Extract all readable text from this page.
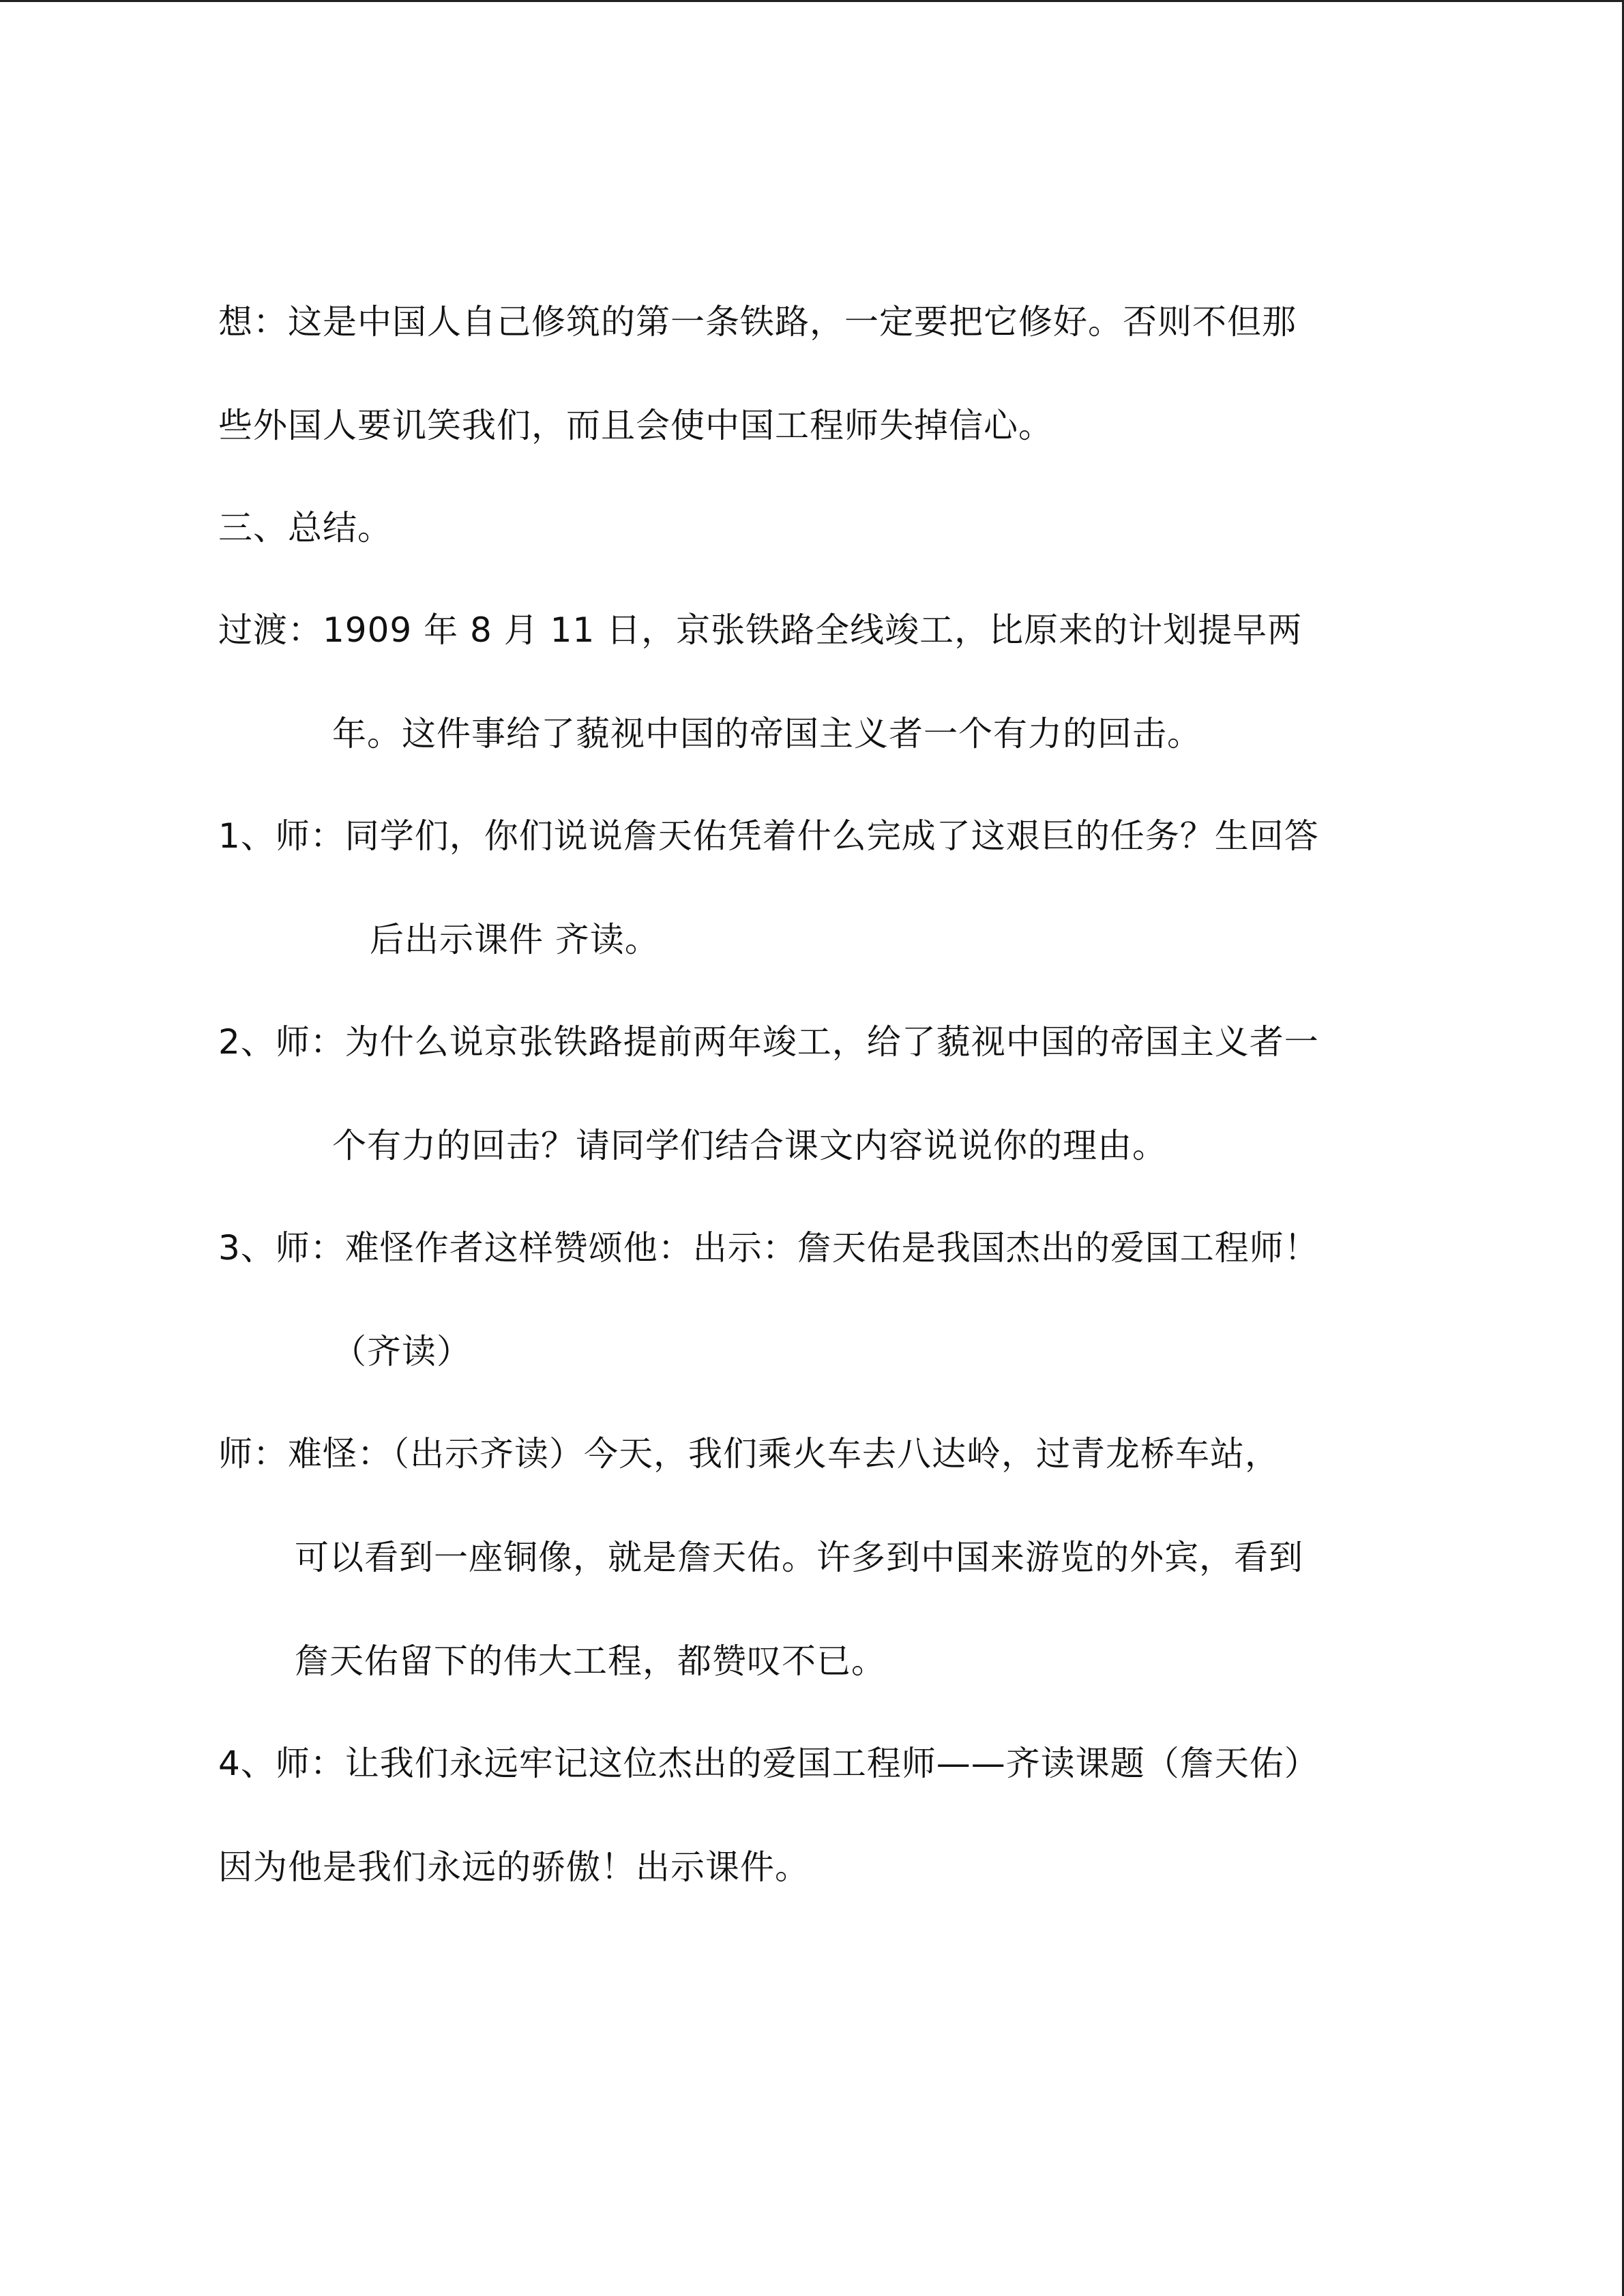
想：这是中国人自己修筑的第一条铁路，一定要把它修好。否则不但那
些外国人要讥笑我们，而且会使中国工程师失掉信心。
三、总结。
过渡：1909 年 8 月 11 日，京张铁路全线竣工，比原来的计划提早两
年。这件事给了藐视中国的帝国主义者一个有力的回击。
1、师：同学们，你们说说詹天佑凭着什么完成了这艰巨的任务？生回答
后出示课件 齐读。
2、师：为什么说京张铁路提前两年竣工，给了藐视中国的帝国主义者一
个有力的回击？请同学们结合课文内容说说你的理由。
3、师：难怪作者这样赞颂他：出示：詹天佑是我国杰出的爱国工程师！
（齐读）
师：难怪：（出示齐读）今天，我们乘火车去八达岭，过青龙桥车站，
可以看到一座铜像，就是詹天佑。许多到中国来游览的外宾，看到
詹天佑留下的伟大工程，都赞叹不已。
4、师：让我们永远牢记这位杰出的爱国工程师——齐读课题（詹天佑）
因为他是我们永远的骄傲！出示课件。
